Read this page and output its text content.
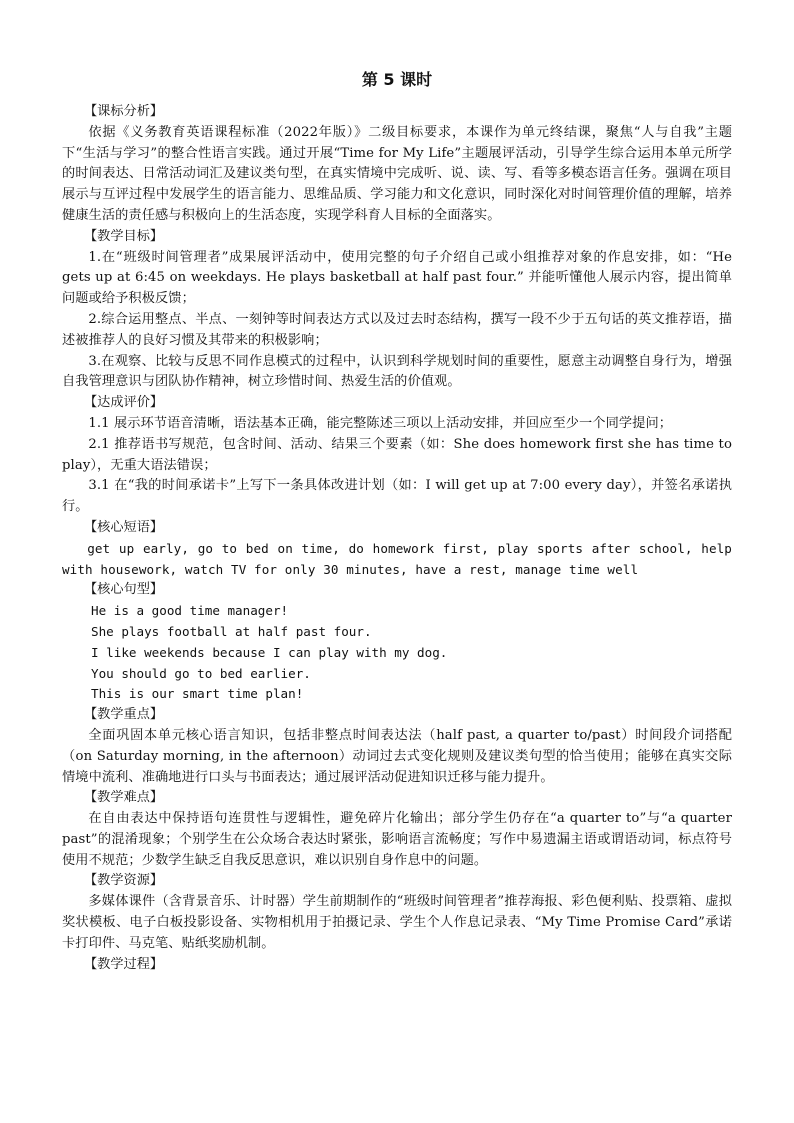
第 5 课时
【课标分析】

依据《义务教育英语课程标准（2022年版）》二级目标要求，本课作为单元终结课，聚焦“人与自我”主题下“生活与学习”的整合性语言实践。通过开展“Time for My Life”主题展评活动，引导学生综合运用本单元所学的时间表达、日常活动词汇及建议类句型，在真实情境中完成听、说、读、写、看等多模态语言任务。强调在项目展示与互评过程中发展学生的语言能力、思维品质、学习能力和文化意识，同时深化对时间管理价值的理解，培养健康生活的责任感与积极向上的生活态度，实现学科育人目标的全面落实。

【教学目标】

1.在“班级时间管理者”成果展评活动中，使用完整的句子介绍自己或小组推荐对象的作息安排，如：“He gets up at 6:45 on weekdays. He plays basketball at half past four.” 并能听懂他人展示内容，提出简单问题或给予积极反馈；

2.综合运用整点、半点、一刻钟等时间表达方式以及过去时态结构，撰写一段不少于五句话的英文推荐语，描述被推荐人的良好习惯及其带来的积极影响；

3.在观察、比较与反思不同作息模式的过程中，认识到科学规划时间的重要性，愿意主动调整自身行为，增强自我管理意识与团队协作精神，树立珍惜时间、热爱生活的价值观。

【达成评价】

1.1 展示环节语音清晰，语法基本正确，能完整陈述三项以上活动安排，并回应至少一个同学提问；

2.1 推荐语书写规范，包含时间、活动、结果三个要素（如：She does homework first she has time to play），无重大语法错误；

3.1 在“我的时间承诺卡”上写下一条具体改进计划（如：I will get up at 7:00 every day），并签名承诺执行。

【核心短语】

get up early, go to bed on time, do homework first, play sports after school, help with housework, watch TV for only 30 minutes, have a rest, manage time well

【核心句型】

He is a good time manager!

She plays football at half past four.

I like weekends because I can play with my dog.

You should go to bed earlier.

This is our smart time plan!

【教学重点】

全面巩固本单元核心语言知识，包括非整点时间表达法（half past, a quarter to/past）时间段介词搭配（on Saturday morning, in the afternoon）动词过去式变化规则及建议类句型的恰当使用；能够在真实交际情境中流利、准确地进行口头与书面表达；通过展评活动促进知识迁移与能力提升。

【教学难点】

在自由表达中保持语句连贯性与逻辑性，避免碎片化输出；部分学生仍存在“a quarter to”与“a quarter past”的混淆现象；个别学生在公众场合表达时紧张，影响语言流畅度；写作中易遗漏主语或谓语动词，标点符号使用不规范；少数学生缺乏自我反思意识，难以识别自身作息中的问题。

【教学资源】

多媒体课件（含背景音乐、计时器）学生前期制作的“班级时间管理者”推荐海报、彩色便利贴、投票箱、虚拟奖状模板、电子白板投影设备、实物相机用于拍摄记录、学生个人作息记录表、“My Time Promise Card”承诺卡打印件、马克笔、贴纸奖励机制。

【教学过程】
